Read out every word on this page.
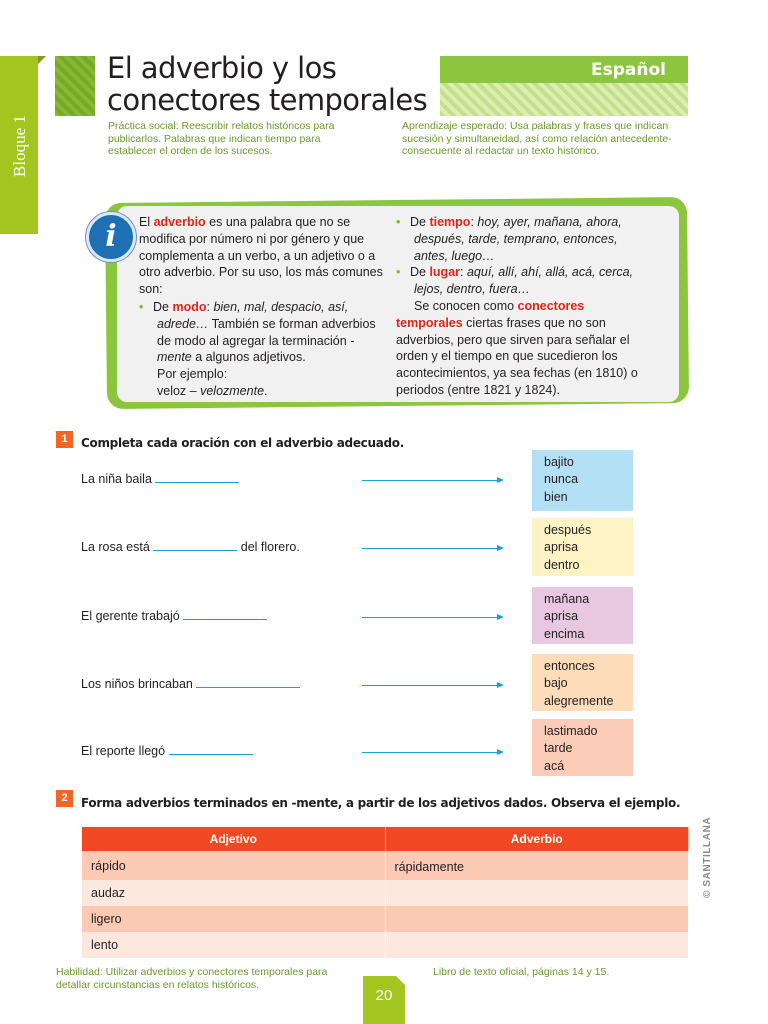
Bloque 1
El adverbio y los
conectores temporales
Español
Práctica social: Reescribir relatos históricos para publicarlos. Palabras que indican tiempo para establecer el orden de los sucesos.
Aprendizaje esperado: Usa palabras y frases que indican sucesión y simultaneidad, así como relación antecedente-consecuente al redactar un texto histórico.
i	El adverbio es una palabra que no se modifica por número ni por género y que complementa a un verbo, a un adjetivo o a otro adverbio. Por su uso, los más comunes son:
• De modo: bien, mal, despacio, así, adrede… También se forman adverbios de modo al agregar la terminación -mente a algunos adjetivos.
Por ejemplo:
veloz – velozmente.
• De tiempo: hoy, ayer, mañana, ahora, después, tarde, temprano, entonces, antes, luego…
• De lugar: aquí, allí, ahí, allá, acá, cerca, lejos, dentro, fuera…
Se conocen como conectores temporales ciertas frases que no son adverbios, pero que sirven para señalar el orden y el tiempo en que sucedieron los acontecimientos, ya sea fechas (en 1810) o periodos (entre 1821 y 1824).
1	Completa cada oración con el adverbio adecuado.
La niña baila
bajito
nunca
bien
La rosa está	del florero.
después
aprisa
dentro
El gerente trabajó
mañana
aprisa
encima
Los niños brincaban
entonces
bajo
alegremente
El reporte llegó
lastimado
tarde
acá
2	Forma adverbios terminados en -mente, a partir de los adjetivos dados. Observa el ejemplo.
Adjetivo	Adverbio
rápido	rápidamente
audaz	
ligero	
lento	
Habilidad: Utilizar adverbios y conectores temporales para detallar circunstancias en relatos históricos.
Libro de texto oficial, páginas 14 y 15.
20
© SANTILLANA
